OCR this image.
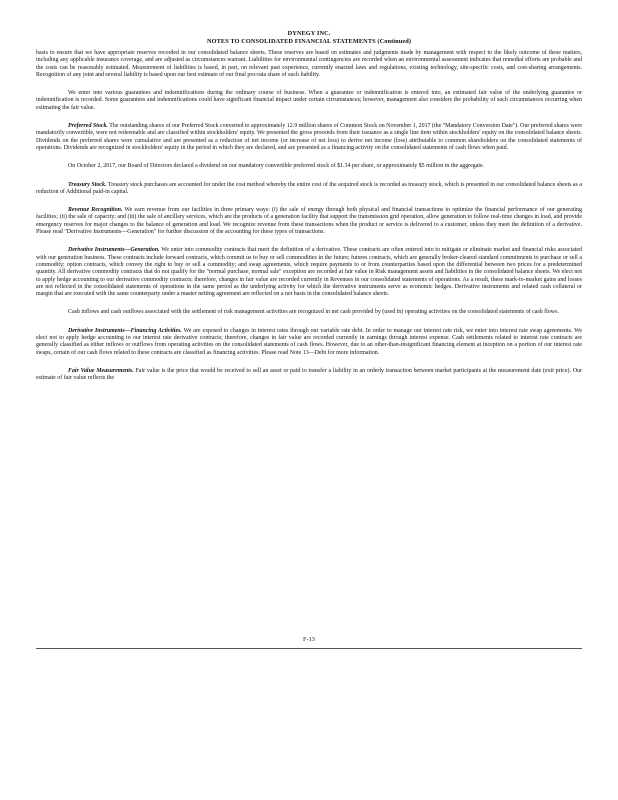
DYNEGY INC.
NOTES TO CONSOLIDATED FINANCIAL STATEMENTS (Continued)

basis to ensure that we have appropriate reserves recorded in our consolidated balance sheets. These reserves are based on estimates and judgments made by management with respect to the likely outcome of these matters, including any applicable insurance coverage, and are adjusted as circumstances warrant. Liabilities for environmental contingencies are recorded when an environmental assessment indicates that remedial efforts are probable and the costs can be reasonably estimated. Measurement of liabilities is based, in part, on relevant past experience, currently enacted laws and regulations, existing technology, site-specific costs, and cost-sharing arrangements. Recognition of any joint and several liability is based upon our best estimate of our final pro-rata share of such liability.

We enter into various guarantees and indemnifications during the ordinary course of business. When a guarantee or indemnification is entered into, an estimated fair value of the underlying guarantee or indemnification is recorded. Some guarantees and indemnifications could have significant financial impact under certain circumstances; however, management also considers the probability of such circumstances occurring when estimating the fair value.

Preferred Stock. The outstanding shares of our Preferred Stock converted to approximately 12.9 million shares of Common Stock on November 1, 2017 (the "Mandatory Conversion Date"). Our preferred shares were mandatorily convertible, were not redeemable and are classified within stockholders' equity. We presented the gross proceeds from their issuance as a single line item within stockholders' equity on the consolidated balance sheets. Dividends on the preferred shares were cumulative and are presented as a reduction of net income (or increase of net loss) to derive net income (loss) attributable to common shareholders on the consolidated statements of operations. Dividends are recognized in stockholders' equity in the period in which they are declared, and are presented as a financing activity on the consolidated statements of cash flows when paid.

On October 2, 2017, our Board of Directors declared a dividend on our mandatory convertible preferred stock of $1.34 per share, or approximately $5 million in the aggregate.

Treasury Stock. Treasury stock purchases are accounted for under the cost method whereby the entire cost of the acquired stock is recorded as treasury stock, which is presented in our consolidated balance sheets as a reduction of Additional paid-in capital.

Revenue Recognition. We earn revenue from our facilities in three primary ways: (i) the sale of energy through both physical and financial transactions to optimize the financial performance of our generating facilities; (ii) the sale of capacity; and (iii) the sale of ancillary services, which are the products of a generation facility that support the transmission grid operation, allow generation to follow real-time changes in load, and provide emergency reserves for major changes to the balance of generation and load. We recognize revenue from these transactions when the product or service is delivered to a customer, unless they meet the definition of a derivative. Please read "Derivative Instruments—Generation" for further discussion of the accounting for these types of transactions.

Derivative Instruments—Generation. We enter into commodity contracts that meet the definition of a derivative. These contracts are often entered into to mitigate or eliminate market and financial risks associated with our generation business. These contracts include forward contracts, which commit us to buy or sell commodities in the future; futures contracts, which are generally broker-cleared standard commitments to purchase or sell a commodity; option contracts, which convey the right to buy or sell a commodity; and swap agreements, which require payments to or from counterparties based upon the differential between two prices for a predetermined quantity. All derivative commodity contracts that do not qualify for the "normal purchase, normal sale" exception are recorded at fair value in Risk management assets and liabilities in the consolidated balance sheets. We elect not to apply hedge accounting to our derivative commodity contracts; therefore, changes in fair value are recorded currently in Revenues in our consolidated statements of operations. As a result, these mark-to-market gains and losses are not reflected in the consolidated statements of operations in the same period as the underlying activity for which the derivative instruments serve as economic hedges. Derivative instruments and related cash collateral or margin that are executed with the same counterparty under a master netting agreement are reflected on a net basis in the consolidated balance sheets.

Cash inflows and cash outflows associated with the settlement of risk management activities are recognized in net cash provided by (used in) operating activities on the consolidated statements of cash flows.

Derivative Instruments—Financing Activities. We are exposed to changes in interest rates through our variable rate debt. In order to manage our interest rate risk, we enter into interest rate swap agreements. We elect not to apply hedge accounting to our interest rate derivative contracts; therefore, changes in fair value are recorded currently in earnings through interest expense. Cash settlements related to interest rate contracts are generally classified as either inflows or outflows from operating activities on the consolidated statements of cash flows. However, due to an other-than-insignificant financing element at inception on a portion of our interest rate swaps, certain of our cash flows related to these contracts are classified as financing activities. Please read Note 13—Debt for more information.

Fair Value Measurements. Fair value is the price that would be received to sell an asset or paid to transfer a liability in an orderly transaction between market participants at the measurement date (exit price). Our estimate of fair value reflects the

F-13
